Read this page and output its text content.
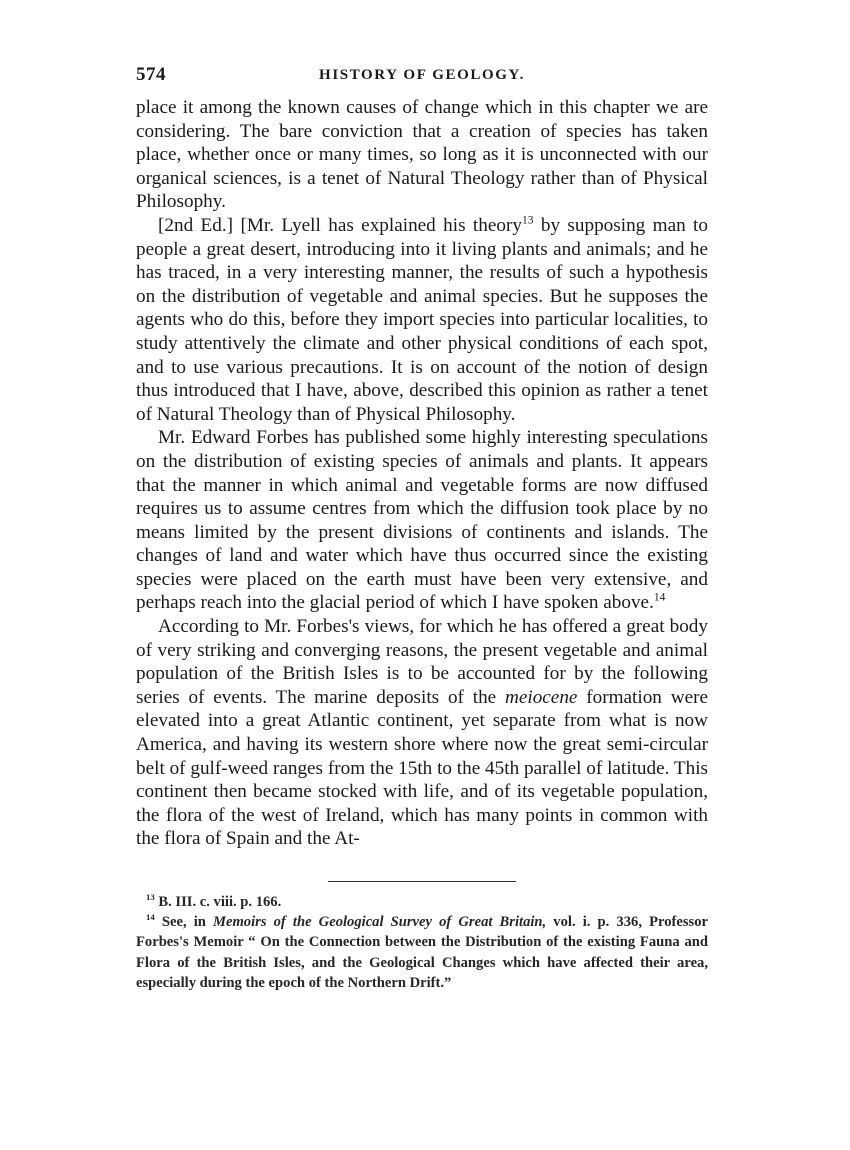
574	HISTORY OF GEOLOGY.

place it among the known causes of change which in this chapter we are considering. The bare conviction that a creation of species has taken place, whether once or many times, so long as it is unconnected with our organical sciences, is a tenet of Natural Theology rather than of Physical Philosophy.

[2nd Ed.] [Mr. Lyell has explained his theory$^{13}$ by supposing man to people a great desert, introducing into it living plants and animals; and he has traced, in a very interesting manner, the results of such a hypothesis on the distribution of vegetable and animal species. But he supposes the agents who do this, before they import species into particular localities, to study attentively the climate and other physical conditions of each spot, and to use various precautions. It is on account of the notion of design thus introduced that I have, above, described this opinion as rather a tenet of Natural Theology than of Physical Philosophy.

Mr. Edward Forbes has published some highly interesting speculations on the distribution of existing species of animals and plants. It appears that the manner in which animal and vegetable forms are now diffused requires us to assume centres from which the diffusion took place by no means limited by the present divisions of continents and islands. The changes of land and water which have thus occurred since the existing species were placed on the earth must have been very extensive, and perhaps reach into the glacial period of which I have spoken above.$^{14}$

According to Mr. Forbes's views, for which he has offered a great body of very striking and converging reasons, the present vegetable and animal population of the British Isles is to be accounted for by the following series of events. The marine deposits of the meiocene formation were elevated into a great Atlantic continent, yet separate from what is now America, and having its western shore where now the great semi-circular belt of gulf-weed ranges from the 15th to the 45th parallel of latitude. This continent then became stocked with life, and of its vegetable population, the flora of the west of Ireland, which has many points in common with the flora of Spain and the At-

$^{13}$ B. III. c. viii. p. 166.

$^{14}$ See, in Memoirs of the Geological Survey of Great Britain, vol. i. p. 336, Professor Forbes's Memoir “ On the Connection between the Distribution of the existing Fauna and Flora of the British Isles, and the Geological Changes which have affected their area, especially during the epoch of the Northern Drift.”
